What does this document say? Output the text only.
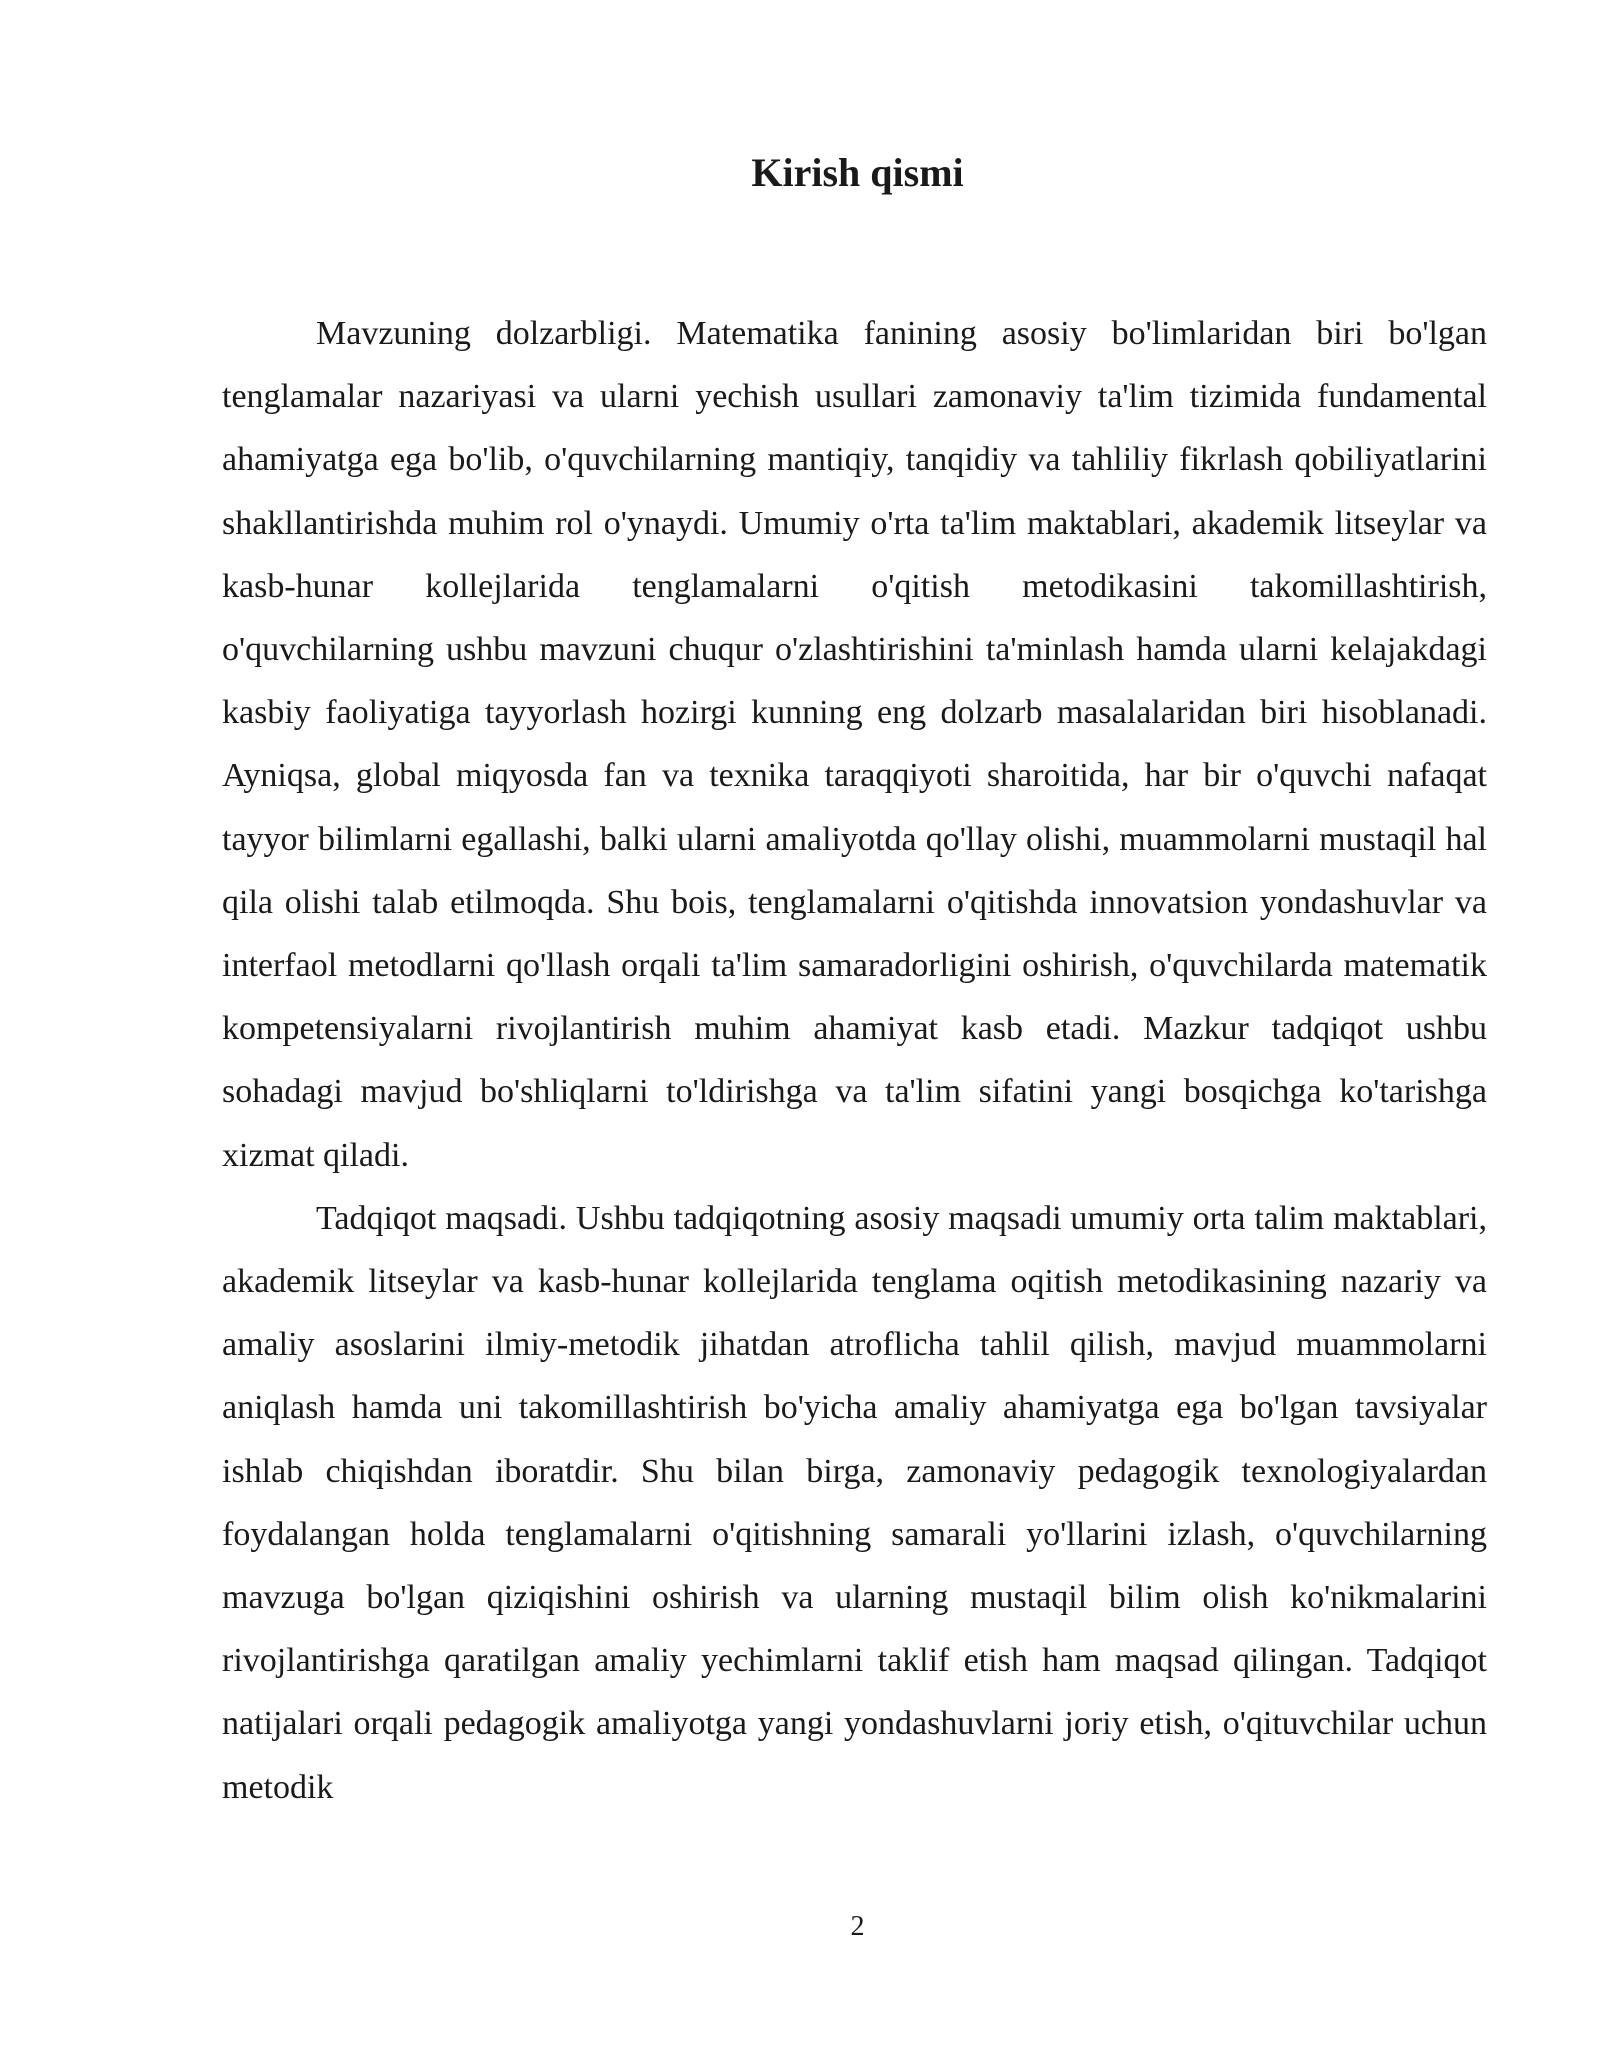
Kirish qismi

Mavzuning dolzarbligi. Matematika fanining asosiy bo'limlaridan biri bo'lgan tenglamalar nazariyasi va ularni yechish usullari zamonaviy ta'lim tizimida fundamental ahamiyatga ega bo'lib, o'quvchilarning mantiqiy, tanqidiy va tahliliy fikrlash qobiliyatlarini shakllantirishda muhim rol o'ynaydi. Umumiy o'rta ta'lim maktablari, akademik litseylar va kasb-hunar kollejlarida tenglamalarni o'qitish metodikasini takomillashtirish, o'quvchilarning ushbu mavzuni chuqur o'zlashtirishini ta'minlash hamda ularni kelajakdagi kasbiy faoliyatiga tayyorlash hozirgi kunning eng dolzarb masalalaridan biri hisoblanadi. Ayniqsa, global miqyosda fan va texnika taraqqiyoti sharoitida, har bir o'quvchi nafaqat tayyor bilimlarni egallashi, balki ularni amaliyotda qo'llay olishi, muammolarni mustaqil hal qila olishi talab etilmoqda. Shu bois, tenglamalarni o'qitishda innovatsion yondashuvlar va interfaol metodlarni qo'llash orqali ta'lim samaradorligini oshirish, o'quvchilarda matematik kompetensiyalarni rivojlantirish muhim ahamiyat kasb etadi. Mazkur tadqiqot ushbu sohadagi mavjud bo'shliqlarni to'ldirishga va ta'lim sifatini yangi bosqichga ko'tarishga xizmat qiladi.

Tadqiqot maqsadi. Ushbu tadqiqotning asosiy maqsadi umumiy orta talim maktablari, akademik litseylar va kasb-hunar kollejlarida tenglama oqitish metodikasining nazariy va amaliy asoslarini ilmiy-metodik jihatdan atroflicha tahlil qilish, mavjud muammolarni aniqlash hamda uni takomillashtirish bo'yicha amaliy ahamiyatga ega bo'lgan tavsiyalar ishlab chiqishdan iboratdir. Shu bilan birga, zamonaviy pedagogik texnologiyalardan foydalangan holda tenglamalarni o'qitishning samarali yo'llarini izlash, o'quvchilarning mavzuga bo'lgan qiziqishini oshirish va ularning mustaqil bilim olish ko'nikmalarini rivojlantirishga qaratilgan amaliy yechimlarni taklif etish ham maqsad qilingan. Tadqiqot natijalari orqali pedagogik amaliyotga yangi yondashuvlarni joriy etish, o'qituvchilar uchun metodik

2
